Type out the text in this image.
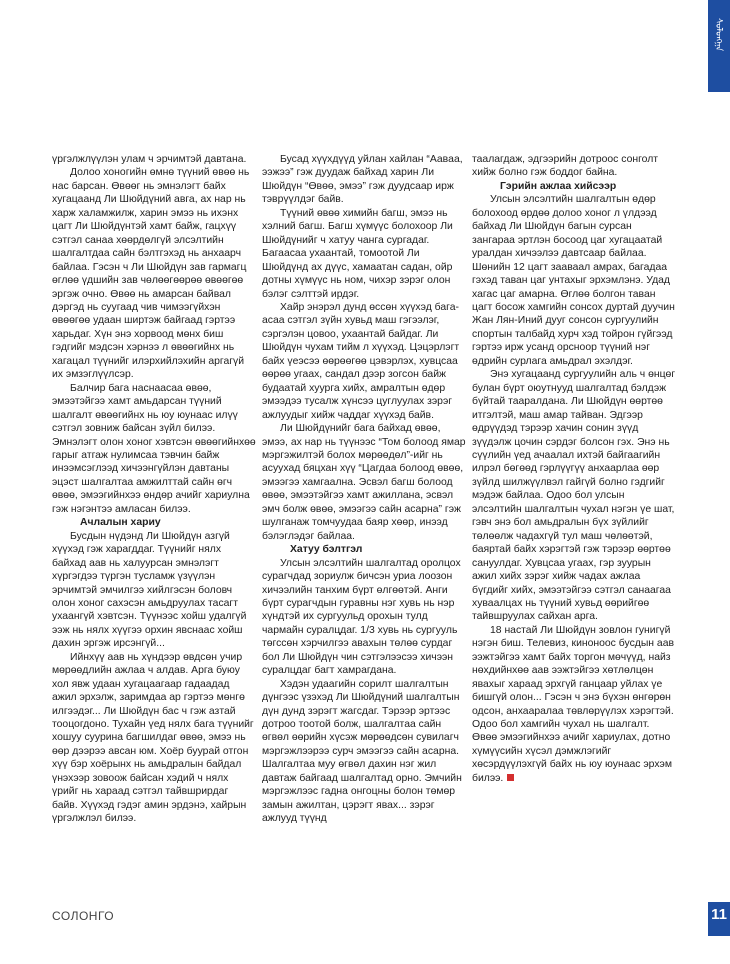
ᠰᠣᠯᠣᠩᠭ᠋ᠠ

үргэлжлүүлэн улам ч эрчимтэй давтана.

Долоо хоногийн өмнө түүний өвөө нь нас барсан. Өвөөг нь эмнэлэгт байх хугацаанд Ли Шюйдүний авга, ах нар нь харж халамжилж, харин эмээ нь ихэнх цагт Ли Шюйдүнтэй хамт байж, гацхүү сэтгэл санаа хөөрдөлгүй элсэлтийн шалгалтдаа сайн бэлтгэхэд нь анхаарч байлаа. Гэсэн ч Ли Шюйдүн зав гармагц өглөө үдшийн зав чөлөөгөөрөө өвөөгөө эргэж очно. Өвөө нь амарсан байвал дэргэд нь суугаад чив чимээгүйхэн өвөөгөө удаан ширтэж байгаад гэртээ харьдаг. Хүн энэ хорвоод мөнх биш гэдгийг мэдсэн хэрнээ л өвөөгийнх нь хагацал түүнийг илэрхийлэхийн аргагүй их эмзэглүүлсэр.

Балчир бага наснаасаа өвөө, эмээтэйгээ хамт амьдарсан түүний шалгалт өвөөгийнх нь юу юунаас илүү сэтгэл зовниж байсан зүйл билээ. Эмнэлэгт олон хоног хэвтсэн өвөөгийнхөө гарыг атгаж нулимсаа тэвчин байж инээмсэглээд хичээнгүйлэн давтаны эцэст шалгалтаа амжилттай сайн өгч өвөө, эмээгийнхээ өндөр ачийг хариулна гэж нэгэнтээ амласан билээ.

Ачлалын хариу

Бусдын нүдэнд Ли Шюйдүн азгүй хүүхэд гэж харагддаг. Түүнийг нялх байхад аав нь халуурсан эмнэлэгт хүргэгдээ түргэн тусламж үзүүлэн эрчимтэй эмчилгээ хийлгэсэн боловч олон хоног сахэсэн амьдруулах тасагт ухаангүй хэвтсэн. Түүнээс хойш удалгүй ээж нь нялх хүүгээ орхин явснаас хойш дахин эргэж ирсэнгүй...

Ийнхүү аав нь хүндээр өвдсөн учир мөрөөдлийн ажлаа ч алдав. Арга буюу хол явж удаан хугацаагаар гадаадад ажил эрхэлж, заримдаа ар гэртээ мөнгө илгээдэг... Ли Шюйдүн бас ч гэж азтай тооцогдоно. Тухайн үед нялх бага түүнийг хошуу суурина багшилдаг өвөө, эмээ нь өөр дээрээ авсан юм. Хоёр буурай отгон хүү бэр хоёрынх нь амьдралын байдал үнэхээр зовоож байсан хэдий ч нялх үрийг нь хараад сэтгэл тайвшрирдаг байв. Хүүхэд гэдэг амин эрдэнэ, хайрын үргэлжлэл билээ.

Бусад хүүхдүүд уйлан хайлан “Аавaa, ээжээ” гэж дуудаж байхад харин Ли Шюйдүн “Өвөө, эмээ” гэж дуудсаар ирж тэврүүлдэг байв.

Түүний өвөө химийн багш, эмээ нь хэлний багш. Багш хүмүүс болохоор Ли Шюйдүнийг ч хатуу чанга сургадаг. Багаасаа ухаантай, томоотой Ли Шюйдүнд ах дүүс, хамаатан садан, ойр дотны хүмүүс нь ном, чихэр зэрэг олон бэлэг сэлттэй ирдэг.

Хайр энэрэл дунд өссөн хүүхэд багаасаа сэтгэл зүйн хувьд маш гэгээлэг, сэргэлэн цовоо, ухаантай байдаг. Ли Шюйдүн чухам тийм л хүүхэд. Цэцэрлэгт байх үеэсээ өөрөөгөө цэвэрлэх, хувцсаа өөрөө угаах, сандал дээр зогсон байж будаатай хуурга хийх, амралтын өдөр эмээдээ тусалж хүнсээ цуглуулах зэрэг ажлуудыг хийж чаддаг хүүхэд байв.

Ли Шюйдүнийг бага байхад өвөө, эмээ, ах нар нь түүнээс “Том болоод ямар мэргэжилтэй болох мөрөөдөл”-ийг нь асуухад бяцхан хүү “Цагдаа болоод өвөө, эмээгээ хамгаална. Эсвэл багш болоод өвөө, эмээтэйгээ хамт ажиллана, эсвэл эмч болж өвөө, эмээгээ сайн асарна” гэж шулганаж томчуудаа баяр хөөр, инээд бэлэглэдэг байлаа.

Хатуу бэлтгэл

Улсын элсэлтийн шалгалтад оролцох сурагчдад зориулж бичсэн уриа лоозон хичээлийн танхим бүрт өлгөөтэй. Анги бүрт сурагчдын гуравны нэг хувь нь нэр хүндтэй их сургуульд орохын тулд чармайн суралцдаг. 1/3 хувь нь сургууль төгссөн хэрчилгээ авахын төлөө сурдаг бол Ли Шюйдүн чин сэтгэлээсээ хичээн суралцдаг багт хамрагдана.

Хэдэн удаагийн сорилт шалгалтын дүнгээс үзэхэд Ли Шюйдүний шалгалтын дүн дунд зэрэгт жагсдаг. Тэрээр эртээс дотроо тоотой болж, шалгалтаа сайн өгвөл өөрийн хүсэж мөрөөдсөн сувилагч мэргэжлээрээ сурч эмээгээ сайн асарна. Шалгалтаа муу өгвөл дахин нэг жил давтаж байгаад шалгалтад орно. Эмчийн мэргэжлээс гадна онгоцны болон төмөр замын ажилтан, цэрэгт явах... зэрэг ажлууд түүнд

таалагдаж, эдгээрийн дотроос сонголт хийж болно гэж боддог байна.

Гэрийн ажлаа хийсээр

Улсын элсэлтийн шалгалтын өдөр болохоод өрдөө долоо хоног л үлдээд байхад Ли Шюйдүн багын сурсан зангараа эртлэн босоод цаг хугацаатай уралдан хичээлээ давтсаар байлаа. Шөнийн 12 цагт зааваал амрах, багадаа гэхэд таван цаг унтахыг эрхэмлэнэ. Удад хагас цаг амарна. Өглөө болгон таван цагт босож хамгийн сонсох дуртай дуучин Жан Лян-Иний дууг сонсон сургуулийн спортын талбайд хурч хэд тойрон гүйгээд гэртээ ирж усанд орсноор түүний нэг өдрийн сурлага амьдрал эхэлдэг.

Энэ хугацаанд сургуулийн аль ч өнцөг булан бүрт оюутнууд шалгалтад бэлдэж бүйтай тааралдана. Ли Шюйдүн өөртөө итгэлтэй, маш амар тайван. Эдгээр өдрүүдэд тэрээр хачин сонин зүүд зүүдэлж цочин сэрдэг болсон гэх. Энэ нь сүүлийн үед ачаалал ихтэй байгаагийн илрэл бөгөөд гэрлүүгүү анхаарлаа өөр зүйлд шилжүүлвэл гайгүй болно гэдгийг мэдэж байлаа. Одоо бол улсын элсэлтийн шалгалтын чухал нэгэн үе шат, гэвч энэ бол амьдралын бүх зүйлийг төлөөлж чадахгүй тул маш чөлөөтэй, баяртай байх хэрэгтэй гэж тэрээр өөртөө сануулдаг. Хувцсаа угаах, гэр зуурын ажил хийх зэрэг хийж чадах ажлаа бүгдийг хийх, эмээтэйгээ сэтгэл санаагаа хуваалцах нь түүний хувьд өөрийгөө тайвшруулах сайхан арга.

18 настай Ли Шюйдүн зовлон гунигүй нэгэн биш. Телевиз, киноноос бусдын аав ээжтэйгээ хамт байх торгон мөчүүд, найз нөхдийнхөө аав ээжтэйгээ хөтлөлцөн явахыг хараад эрхгүй ганцаар уйлах үе бишгүй олон... Гэсэн ч энэ бүхэн өнгөрөн одсон, анхааралаа төвлөрүүлэх хэрэгтэй. Одоо бол хамгийн чухал нь шалгалт. Өвөө эмээгийнхээ ачийг хариулах, дотно хүмүүсийн хүсэл дэмжлэгийг хөсэрдүүлэхгүй байх нь юу юунаас эрхэм билээ.

СОЛОНГО	11
